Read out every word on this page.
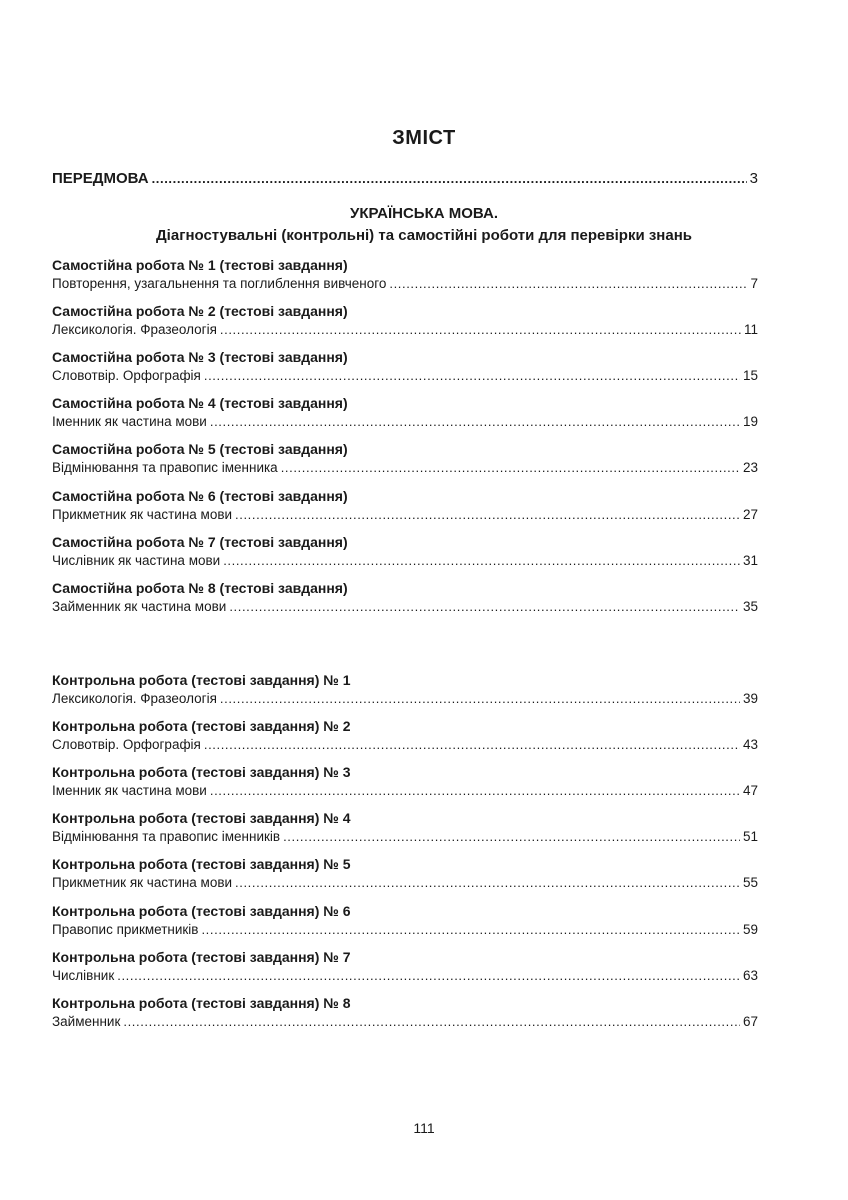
ЗМІСТ
ПЕРЕДМОВА .....	3
УКРАЇНСЬКА МОВА.
Діагностувальні (контрольні) та самостійні роботи для перевірки знань
Самостійна робота № 1 (тестові завдання)
Повторення, узагальнення та поглиблення вивченого .....	7
Самостійна робота № 2 (тестові завдання)
Лексикологія. Фразеологія .....	11
Самостійна робота № 3 (тестові завдання)
Словотвір. Орфографія .....	15
Самостійна робота № 4 (тестові завдання)
Іменник як частина мови .....	19
Самостійна робота № 5 (тестові завдання)
Відмінювання та правопис іменника .....	23
Самостійна робота № 6 (тестові завдання)
Прикметник як частина мови .....	27
Самостійна робота № 7 (тестові завдання)
Числівник як частина мови .....	31
Самостійна робота № 8 (тестові завдання)
Займенник як частина мови .....	35
Контрольна робота (тестові завдання) № 1
Лексикологія. Фразеологія .....	39
Контрольна робота (тестові завдання) № 2
Словотвір. Орфографія .....	43
Контрольна робота (тестові завдання) № 3
Іменник як частина мови .....	47
Контрольна робота (тестові завдання) № 4
Відмінювання та правопис іменників .....	51
Контрольна робота (тестові завдання) № 5
Прикметник як частина мови .....	55
Контрольна робота (тестові завдання) № 6
Правопис прикметників .....	59
Контрольна робота (тестові завдання) № 7
Числівник .....	63
Контрольна робота (тестові завдання) № 8
Займенник .....	67
111
